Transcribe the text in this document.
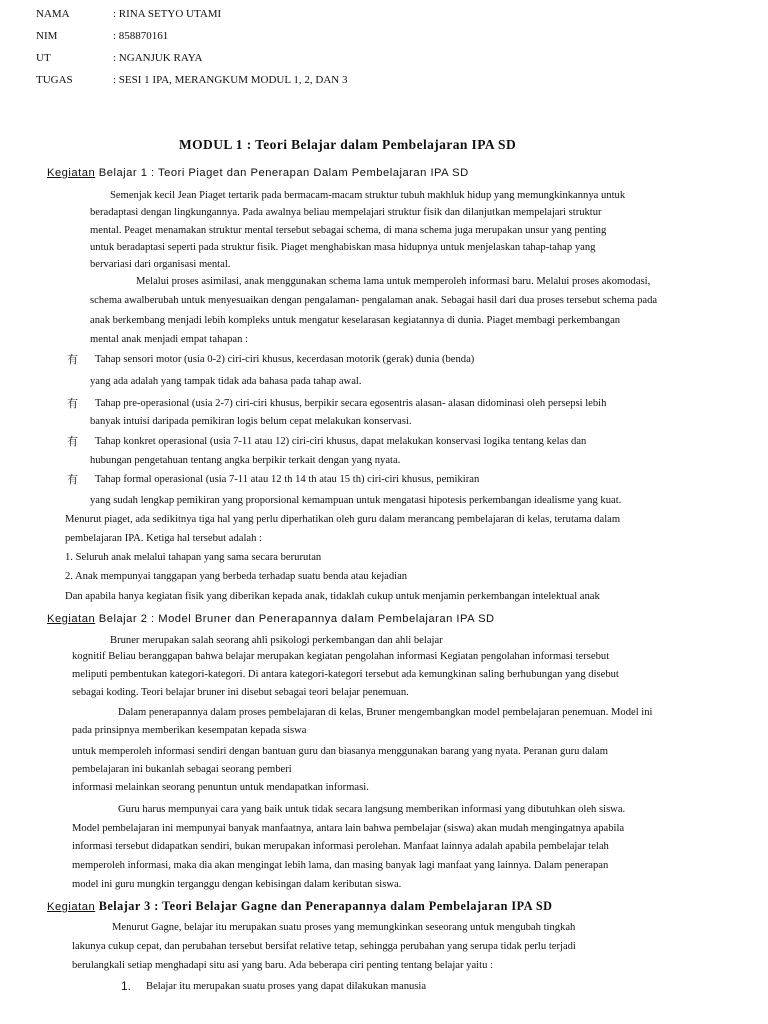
NAMA	: RINA SETYO UTAMI
NIM	: 858870161
UT	: NGANJUK RAYA
TUGAS	: SESI 1 IPA, MERANGKUM MODUL 1, 2, DAN 3
MODUL 1 : Teori Belajar dalam Pembelajaran IPA SD
Kegiatan Belajar 1 : Teori Piaget dan Penerapan Dalam Pembelajaran IPA SD
Semenjak kecil Jean Piaget tertarik pada bermacam-macam struktur tubuh makhluk hidup yang memungkinkannya untuk
beradaptasi dengan lingkungannya. Pada awalnya beliau mempelajari struktur fisik dan dilanjutkan mempelajari struktur
mental. Peaget menamakan struktur mental tersebut sebagai schema, di mana schema juga merupakan unsur yang penting
untuk beradaptasi seperti pada struktur fisik. Piaget menghabiskan masa hidupnya untuk menjelaskan tahap-tahap yang
bervariasi dari organisasi mental.
Melalui proses asimilasi, anak menggunakan schema lama untuk memperoleh informasi baru. Melalui proses akomodasi,
schema awalberubah untuk menyesuaikan dengan pengalaman- pengalaman anak. Sebagai hasil dari dua proses tersebut schema pada
anak berkembang menjadi lebih kompleks untuk mengatur keselarasan kegiatannya di dunia. Piaget membagi perkembangan
mental anak menjadi empat tahapan :
有 Tahap sensori motor (usia 0-2) ciri-ciri khusus, kecerdasan motorik (gerak) dunia (benda)
yang ada adalah yang tampak tidak ada bahasa pada tahap awal.
有 Tahap pre-operasional (usia 2-7) ciri-ciri khusus, berpikir secara egosentris alasan- alasan didominasi oleh persepsi lebih
banyak intuisi daripada pemikiran logis belum cepat melakukan konservasi.
有 Tahap konkret operasional (usia 7-11 atau 12) ciri-ciri khusus, dapat melakukan konservasi logika tentang kelas dan
hubungan pengetahuan tentang angka berpikir terkait dengan yang nyata.
有 Tahap formal operasional (usia 7-11 atau 12 th 14 th atau 15 th) ciri-ciri khusus, pemikiran
yang sudah lengkap pemikiran yang proporsional kemampuan untuk mengatasi hipotesis perkembangan idealisme yang kuat.
Menurut piaget, ada sedikitnya tiga hal yang perlu diperhatikan oleh guru dalam merancang pembelajaran di kelas, terutama dalam
pembelajaran IPA. Ketiga hal tersebut adalah :
1. Seluruh anak melalui tahapan yang sama secara berurutan
2. Anak mempunyai tanggapan yang berbeda terhadap suatu benda atau kejadian
Dan apabila hanya kegiatan fisik yang diberikan kepada anak, tidaklah cukup untuk menjamin perkembangan intelektual anak
Kegiatan Belajar 2 : Model Bruner dan Penerapannya dalam Pembelajaran IPA SD
Bruner merupakan salah seorang ahli psikologi perkembangan dan ahli belajar
kognitif Beliau beranggapan bahwa belajar merupakan kegiatan pengolahan informasi Kegiatan pengolahan informasi tersebut
meliputi pembentukan kategori-kategori. Di antara kategori-kategori tersebut ada kemungkinan saling berhubungan yang disebut
sebagai koding. Teori belajar bruner ini disebut sebagai teori belajar penemuan.
Dalam penerapannya dalam proses pembelajaran di kelas, Bruner mengembangkan model pembelajaran penemuan. Model ini
pada prinsipnya memberikan kesempatan kepada siswa
untuk memperoleh informasi sendiri dengan bantuan guru dan biasanya menggunakan barang yang nyata. Peranan guru dalam
pembelajaran ini bukanlah sebagai seorang pemberi
informasi melainkan seorang penuntun untuk mendapatkan informasi.
Guru harus mempunyai cara yang baik untuk tidak secara langsung memberikan informasi yang dibutuhkan oleh siswa.
Model pembelajaran ini mempunyai banyak manfaatnya, antara lain bahwa pembelajar (siswa) akan mudah mengingatnya apabila
informasi tersebut didapatkan sendiri, bukan merupakan informasi perolehan. Manfaat lainnya adalah apabila pembelajar telah
memperoleh informasi, maka dia akan mengingat lebih lama, dan masing banyak lagi manfaat yang lainnya. Dalam penerapan
model ini guru mungkin terganggu dengan kebisingan dalam keributan siswa.
Kegiatan Belajar 3 : Teori Belajar Gagne dan Penerapannya dalam Pembelajaran IPA SD
Menurut Gagne, belajar itu merupakan suatu proses yang memungkinkan seseorang untuk mengubah tingkah
lakunya cukup cepat, dan perubahan tersebut bersifat relative tetap, sehingga perubahan yang serupa tidak perlu terjadi
berulangkali setiap menghadapi situ asi yang baru. Ada beberapa ciri penting tentang belajar yaitu :
1. Belajar itu merupakan suatu proses yang dapat dilakukan manusia
